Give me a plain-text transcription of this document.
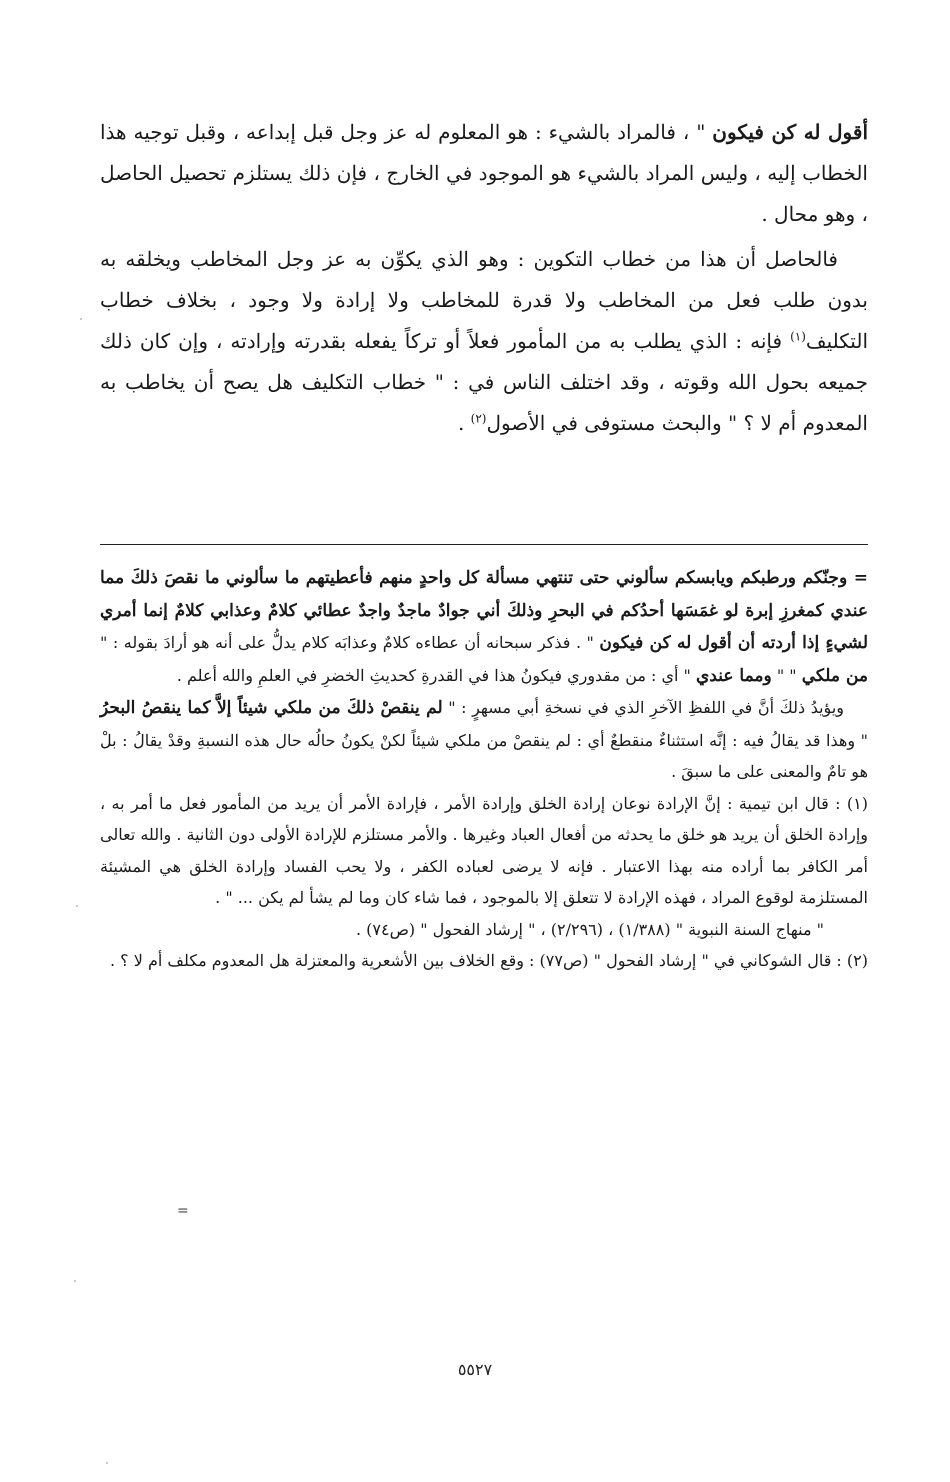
أقول له كن فيكون " ، فالمراد بالشيء : هو المعلوم له عز وجل قبل إبداعه ، وقبل توجيه هذا الخطاب إليه ، وليس المراد بالشيء هو الموجود في الخارج ، فإن ذلك يستلزم تحصيل الحاصل ، وهو محال .

فالحاصل أن هذا من خطاب التكوين : وهو الذي يكوِّن به عز وجل المخاطب ويخلقه به بدون طلب فعل من المخاطب ولا قدرة للمخاطب ولا إرادة ولا وجود ، بخلاف خطاب التكليف$^{(١)}$ فإنه : الذي يطلب به من المأمور فعلاً أو تركاً يفعله بقدرته وإرادته ، وإن كان ذلك جميعه بحول الله وقوته ، وقد اختلف الناس في : " خطاب التكليف هل يصح أن يخاطب به المعدوم أم لا ؟ " والبحث مستوفى في الأصول$^{(٢)}$ .

= وجنّكم ورطبكم ويابسكم سألوني حتى تنتهي مسألة كل واحدٍ منهم فأعطيتهم ما سألوني ما نقصَ ذلكَ مما عندي كمغرزِ إبرة لو غمَسَها أحدُكم في البحرِ وذلكَ أني جوادٌ ماجدٌ واجدٌ عطائي كلامٌ وعذابي كلامٌ إنما أمري لشيءٍ إذا أردته أن أقول له كن فيكون " . فذكر سبحانه أن عطاءه كلامٌ وعذابَه كلام يدلُّ على أنه هو أرادَ بقوله : " من ملكي " " ومما عندي " أي : من مقدوري فيكونُ هذا في القدرةِ كحديثِ الخضرِ في العلمِ والله أعلم .

ويؤيدُ ذلكَ أنَّ في اللفظِ الآخرِ الذي في نسخةِ أبي مسهرٍ : " لم ينقصْ ذلكَ من ملكي شيئاً إلاَّ كما ينقصُ البحرُ " وهذا قد يقالُ فيه : إنَّه استثناءٌ منقطعٌ أي : لم ينقصْ من ملكي شيئاً لكنْ يكونُ حالُه حال هذه النسبةِ وقدْ يقالُ : بلْ هو تامٌ والمعنى على ما سبقَ .

(١) : قال ابن تيمية : إنَّ الإرادة نوعان إرادة الخلق وإرادة الأمر ، فإرادة الأمر أن يريد من المأمور فعل ما أمر به ، وإرادة الخلق أن يريد هو خلق ما يحدثه من أفعال العباد وغيرها . والأمر مستلزم للإرادة الأولى دون الثانية . والله تعالى أمر الكافر بما أراده منه بهذا الاعتبار . فإنه لا يرضى لعباده الكفر ، ولا يحب الفساد وإرادة الخلق هي المشيئة المستلزمة لوقوع المراد ، فهذه الإرادة لا تتعلق إلا بالموجود ، فما شاء كان وما لم يشأ لم يكن ... " .

" منهاج السنة النبوية " (١/٣٨٨) ، (٢/٢٩٦) ، " إرشاد الفحول " (ص٧٤) .

(٢) : قال الشوكاني في " إرشاد الفحول " (ص٧٧) : وقع الخلاف بين الأشعرية والمعتزلة هل المعدوم مكلف أم لا ؟ .

=
٥٥٢٧
